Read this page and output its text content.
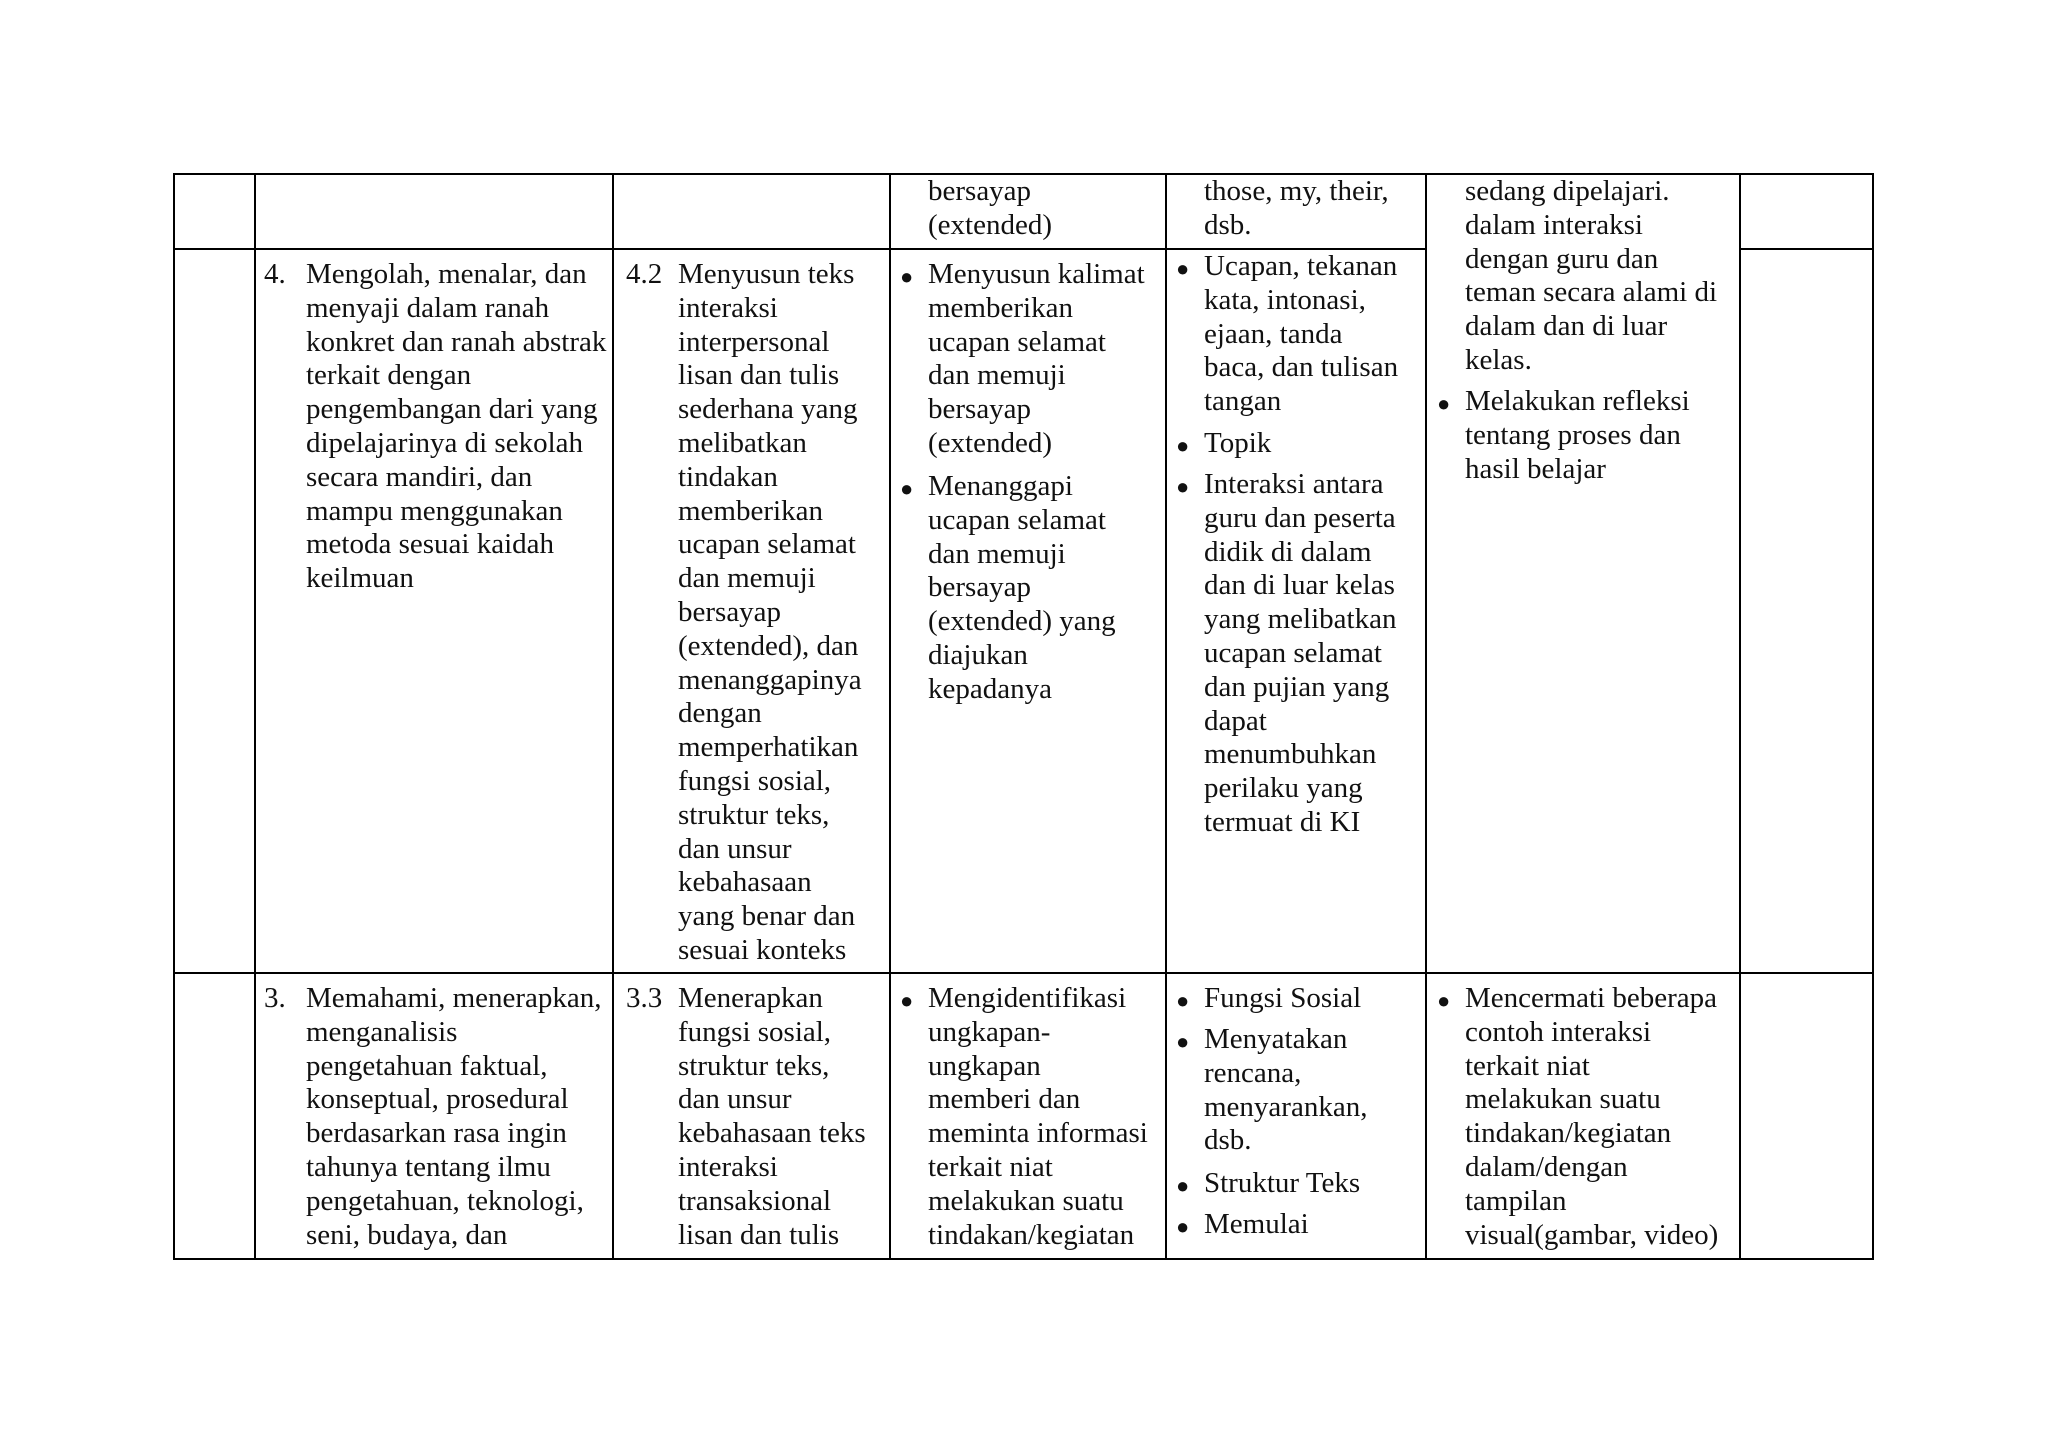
bersayap
(extended)
those, my, their,
dsb.
sedang dipelajari.
dalam interaksi
dengan guru dan
teman secara alami di
dalam dan di luar
kelas.
● Melakukan refleksi
tentang proses dan
hasil belajar
4. Mengolah, menalar, dan
menyaji dalam ranah
konkret dan ranah abstrak
terkait dengan
pengembangan dari yang
dipelajarinya di sekolah
secara mandiri, dan
mampu menggunakan
metoda sesuai kaidah
keilmuan
4.2 Menyusun teks
interaksi
interpersonal
lisan dan tulis
sederhana yang
melibatkan
tindakan
memberikan
ucapan selamat
dan memuji
bersayap
(extended), dan
menanggapinya
dengan
memperhatikan
fungsi sosial,
struktur teks,
dan unsur
kebahasaan
yang benar dan
sesuai konteks
● Menyusun kalimat
memberikan
ucapan selamat
dan memuji
bersayap
(extended)
● Menanggapi
ucapan selamat
dan memuji
bersayap
(extended) yang
diajukan
kepadanya
● Ucapan, tekanan
kata, intonasi,
ejaan, tanda
baca, dan tulisan
tangan
● Topik
● Interaksi antara
guru dan peserta
didik di dalam
dan di luar kelas
yang melibatkan
ucapan selamat
dan pujian yang
dapat
menumbuhkan
perilaku yang
termuat di KI
3. Memahami, menerapkan,
menganalisis
pengetahuan faktual,
konseptual, prosedural
berdasarkan rasa ingin
tahunya tentang ilmu
pengetahuan, teknologi,
seni, budaya, dan
3.3 Menerapkan
fungsi sosial,
struktur teks,
dan unsur
kebahasaan teks
interaksi
transaksional
lisan dan tulis
● Mengidentifikasi
ungkapan-
ungkapan
memberi dan
meminta informasi
terkait niat
melakukan suatu
tindakan/kegiatan
● Fungsi Sosial
● Menyatakan
rencana,
menyarankan,
dsb.
● Struktur Teks
● Memulai
● Mencermati beberapa
contoh interaksi
terkait niat
melakukan suatu
tindakan/kegiatan
dalam/dengan
tampilan
visual(gambar, video)
